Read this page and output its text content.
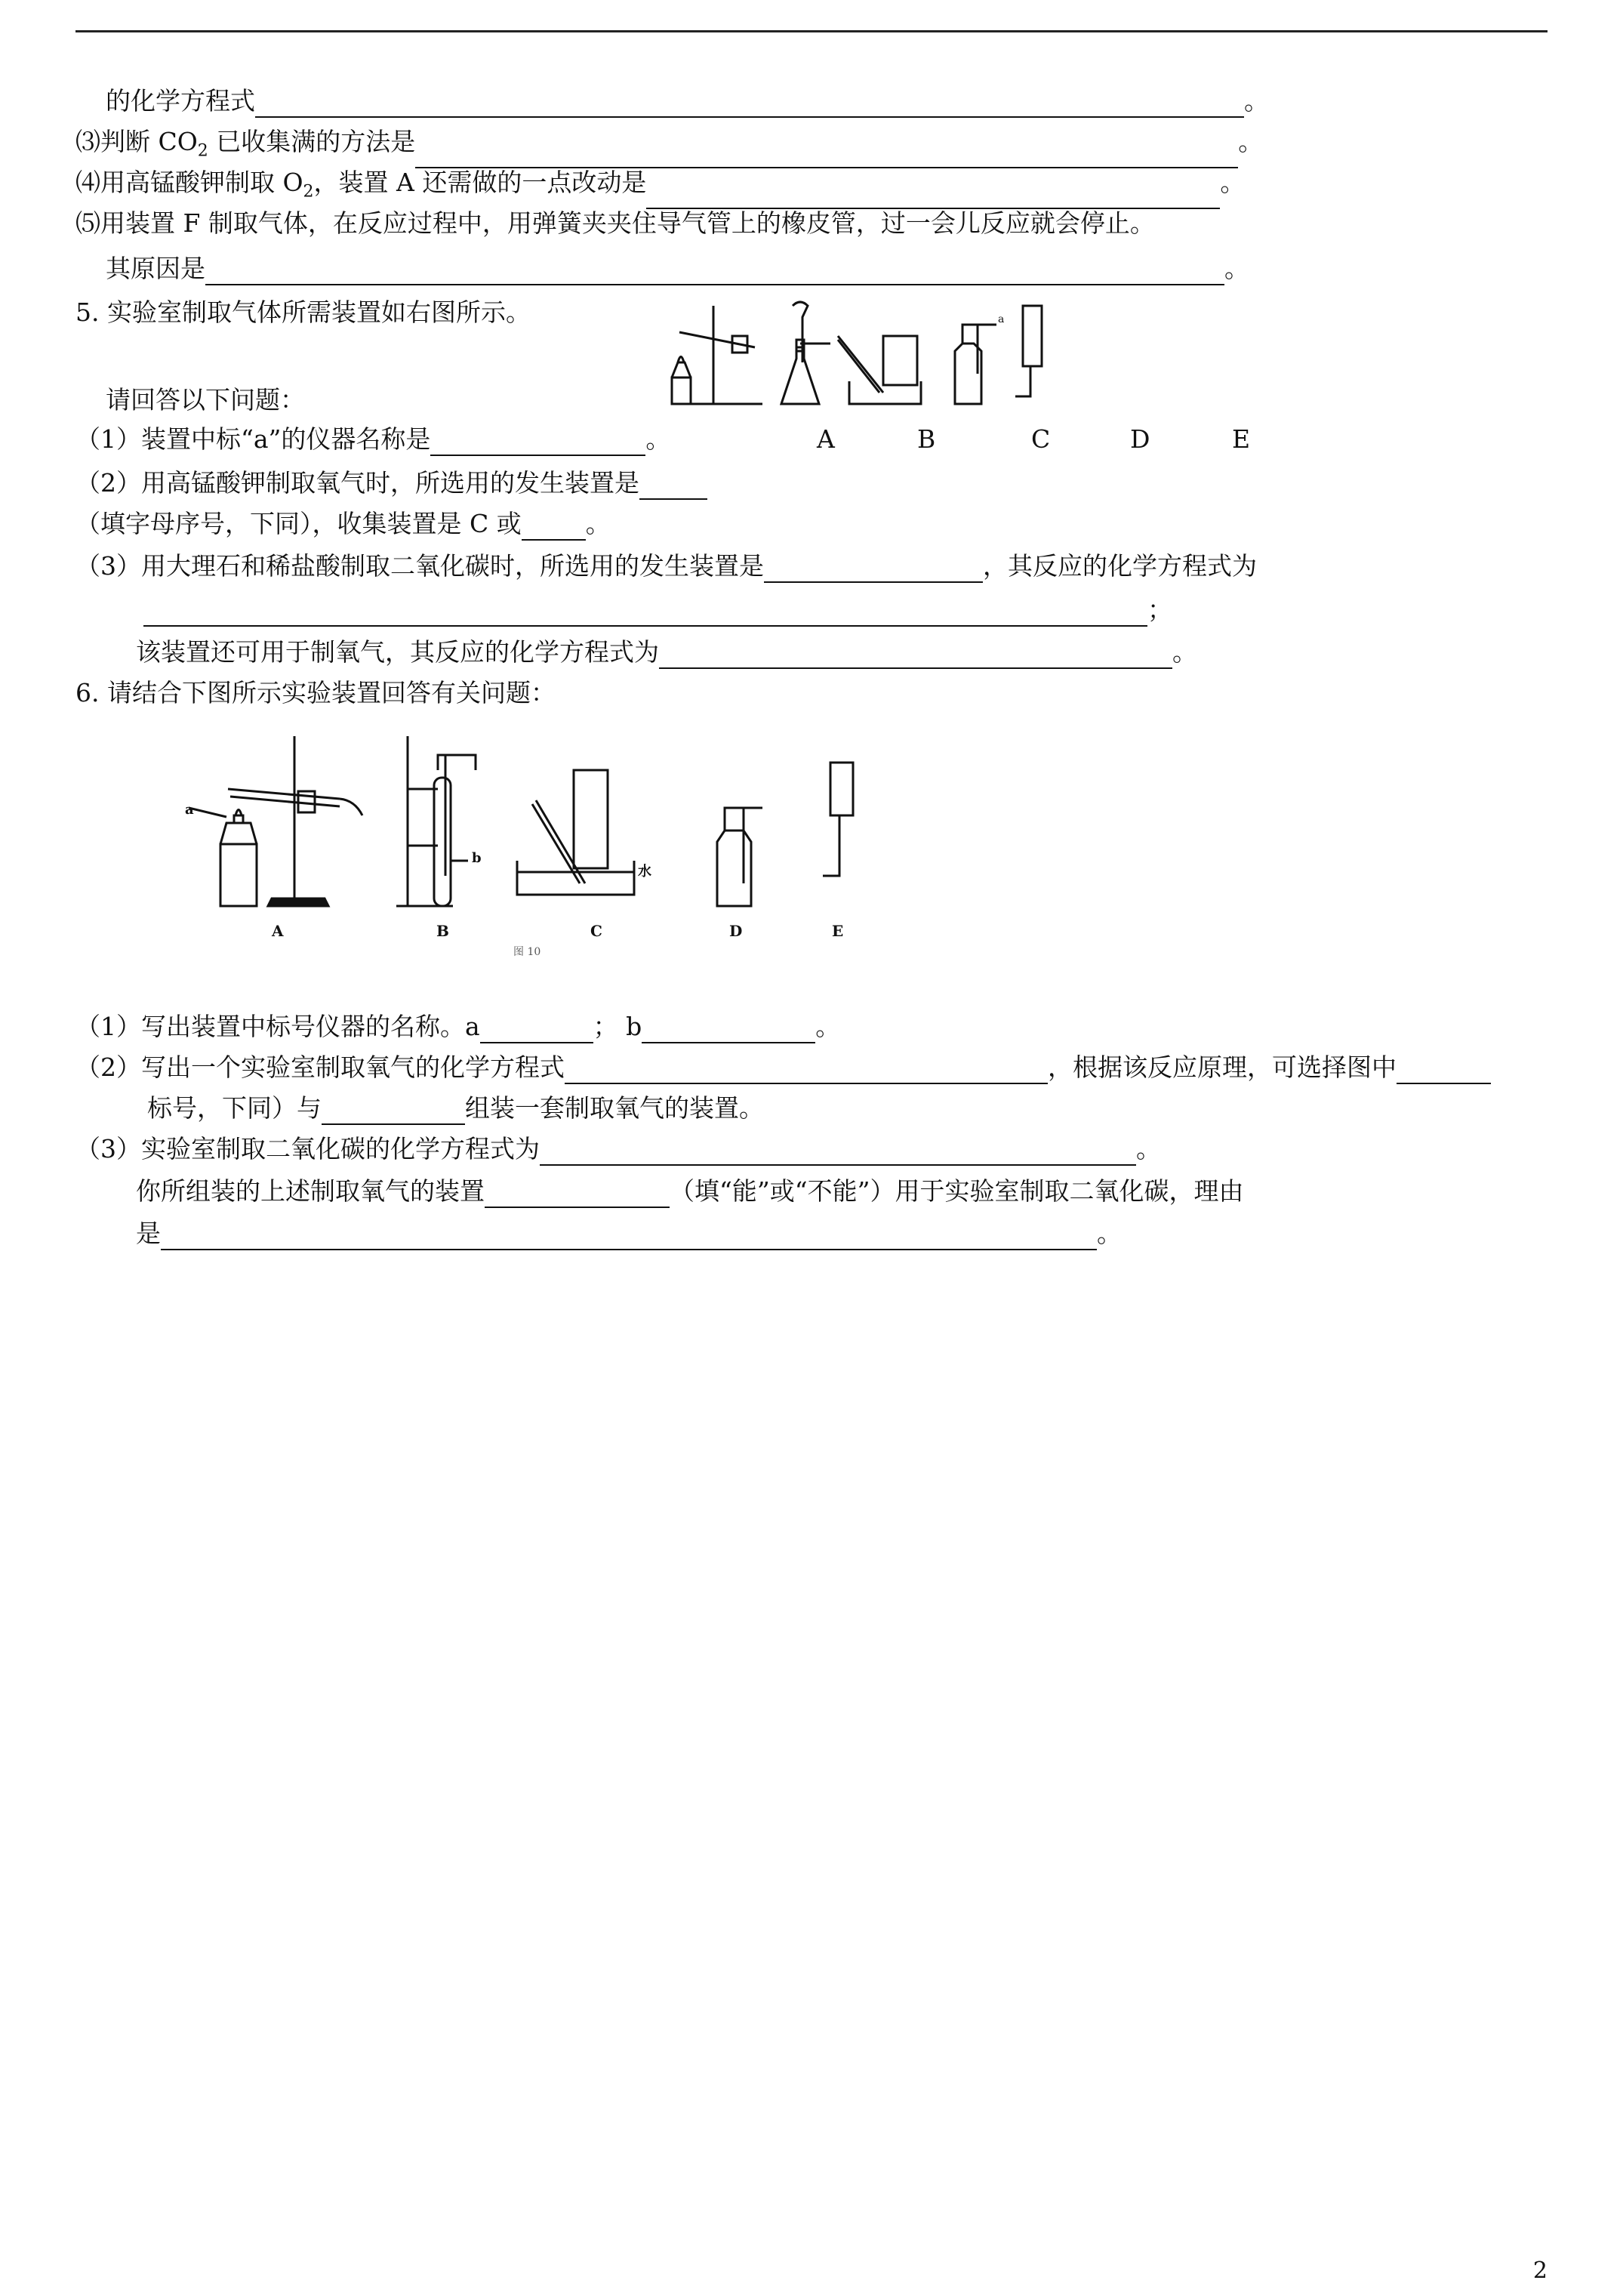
的化学方程式	。
⑶判断 $CO_2$ 已收集满的方法是	。
⑷用高锰酸钾制取 $O_2$，装置 A 还需做的一点改动是	。
⑸用装置 F 制取气体，在反应过程中，用弹簧夹夹住导气管上的橡皮管，过一会儿反应就会停止。
其原因是	。
5. 实验室制取气体所需装置如右图所示。	a
请回答以下问题：
（1）装置中标“a”的仪器名称是	。	A	B	C	D	E
（2）用高锰酸钾制取氧气时，所选用的发生装置是
（填字母序号，下同），收集装置是 C 或	。
（3）用大理石和稀盐酸制取二氧化碳时，所选用的发生装置是	，其反应的化学方程式为
；
该装置还可用于制氧气，其反应的化学方程式为	。
6. 请结合下图所示实验装置回答有关问题：
a
b
水
A	B	C	D	E
图 10
（1）写出装置中标号仪器的名称。a	； b	。
（2）写出一个实验室制取氧气的化学方程式	，根据该反应原理，可选择图中
标号，下同）与	组装一套制取氧气的装置。
（3）实验室制取二氧化碳的化学方程式为	。
你所组装的上述制取氧气的装置	（填“能”或“不能”）用于实验室制取二氧化碳，理由
是	。
2
